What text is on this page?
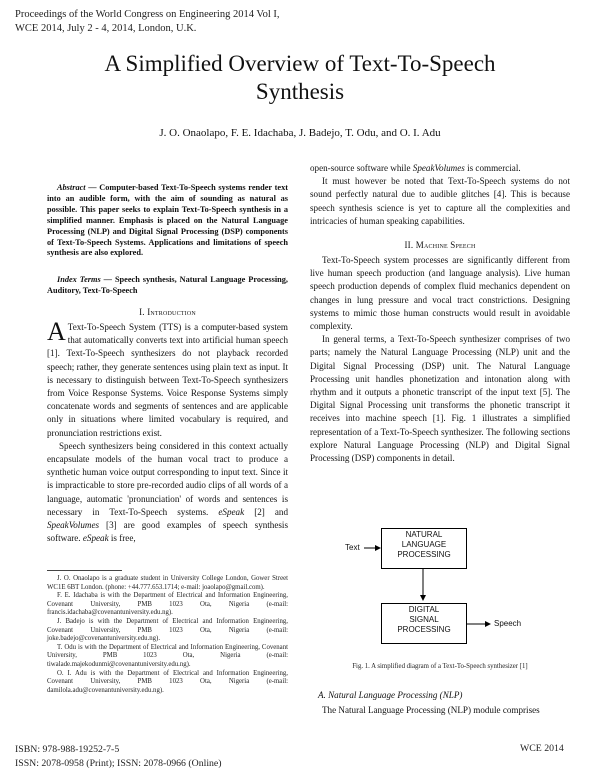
Proceedings of the World Congress on Engineering 2014 Vol I,
WCE 2014, July 2 - 4, 2014, London, U.K.
A Simplified Overview of Text-To-Speech
Synthesis
J. O. Onaolapo, F. E. Idachaba, J. Badejo, T. Odu, and O. I. Adu
Abstract — Computer-based Text-To-Speech systems render text into an audible form, with the aim of sounding as natural as possible. This paper seeks to explain Text-To-Speech synthesis in a simplified manner. Emphasis is placed on the Natural Language Processing (NLP) and Digital Signal Processing (DSP) components of Text-To-Speech Systems. Applications and limitations of speech synthesis are also explored.
Index Terms — Speech synthesis, Natural Language Processing, Auditory, Text-To-Speech
I. Introduction

A Text-To-Speech System (TTS) is a computer-based system that automatically converts text into artificial human speech [1]. Text-To-Speech synthesizers do not playback recorded speech; rather, they generate sentences using plain text as input. It is necessary to distinguish between Text-To-Speech synthesizers from Voice Response Systems. Voice Response Systems simply concatenate words and segments of sentences and are applicable only in situations where limited vocabulary is required, and pronunciation restrictions exist.

Speech synthesizers being considered in this context actually encapsulate models of the human vocal tract to produce a synthetic human voice output corresponding to input text. Since it is impracticable to store pre-recorded audio clips of all words of a language, automatic 'pronunciation' of words and sentences is necessary in Text-To-Speech systems. eSpeak [2] and SpeakVolumes [3] are good examples of speech synthesis software. eSpeak is free,

J. O. Onaolapo is a graduate student in University College London, Gower Street WC1E 6BT London. (phone: +44.777.653.1714; e-mail: joaolapo@gmail.com).

F. E. Idachaba is with the Department of Electrical and Information Engineering, Covenant University, PMB 1023 Ota, Nigeria (e-mail: francis.idachaba@covenantuniversity.edu.ng).

J. Badejo is with the Department of Electrical and Information Engineering, Covenant University, PMB 1023 Ota, Nigeria (e-mail: joke.badejo@covenantuniversity.edu.ng).

T. Odu is with the Department of Electrical and Information Engineering, Covenant University, PMB 1023 Ota, Nigeria (e-mail: tiwalade.majekodunmi@covenantuniversity.edu.ng).

O. I. Adu is with the Department of Electrical and Information Engineering, Covenant University, PMB 1023 Ota, Nigeria (e-mail: damilola.adu@covenantuniversity.edu.ng).

open-source software while SpeakVolumes is commercial.

It must however be noted that Text-To-Speech systems do not sound perfectly natural due to audible glitches [4]. This is because speech synthesis science is yet to capture all the complexities and intricacies of human speaking capabilities.

II. Machine Speech

Text-To-Speech system processes are significantly different from live human speech production (and language analysis). Live human speech production depends of complex fluid mechanics dependent on changes in lung pressure and vocal tract constrictions. Designing systems to mimic those human constructs would result in avoidable complexity.

In general terms, a Text-To-Speech synthesizer comprises of two parts; namely the Natural Language Processing (NLP) unit and the Digital Signal Processing (DSP) unit. The Natural Language Processing unit handles phonetization and intonation along with rhythm and it outputs a phonetic transcript of the input text [5]. The Digital Signal Processing unit transforms the phonetic transcript it receives into machine speech [1]. Fig. 1 illustrates a simplified representation of a Text-To-Speech synthesizer. The following sections explore Natural Language Processing (NLP) and Digital Signal Processing (DSP) components in detail.

Text
NATURAL
LANGUAGE
PROCESSING
DIGITAL
SIGNAL
PROCESSING
Speech
Fig. 1. A simplified diagram of a Text-To-Speech synthesizer [1]
A. Natural Language Processing (NLP)

The Natural Language Processing (NLP) module comprises

ISBN: 978-988-19252-7-5
ISSN: 2078-0958 (Print); ISSN: 2078-0966 (Online)
WCE 2014
